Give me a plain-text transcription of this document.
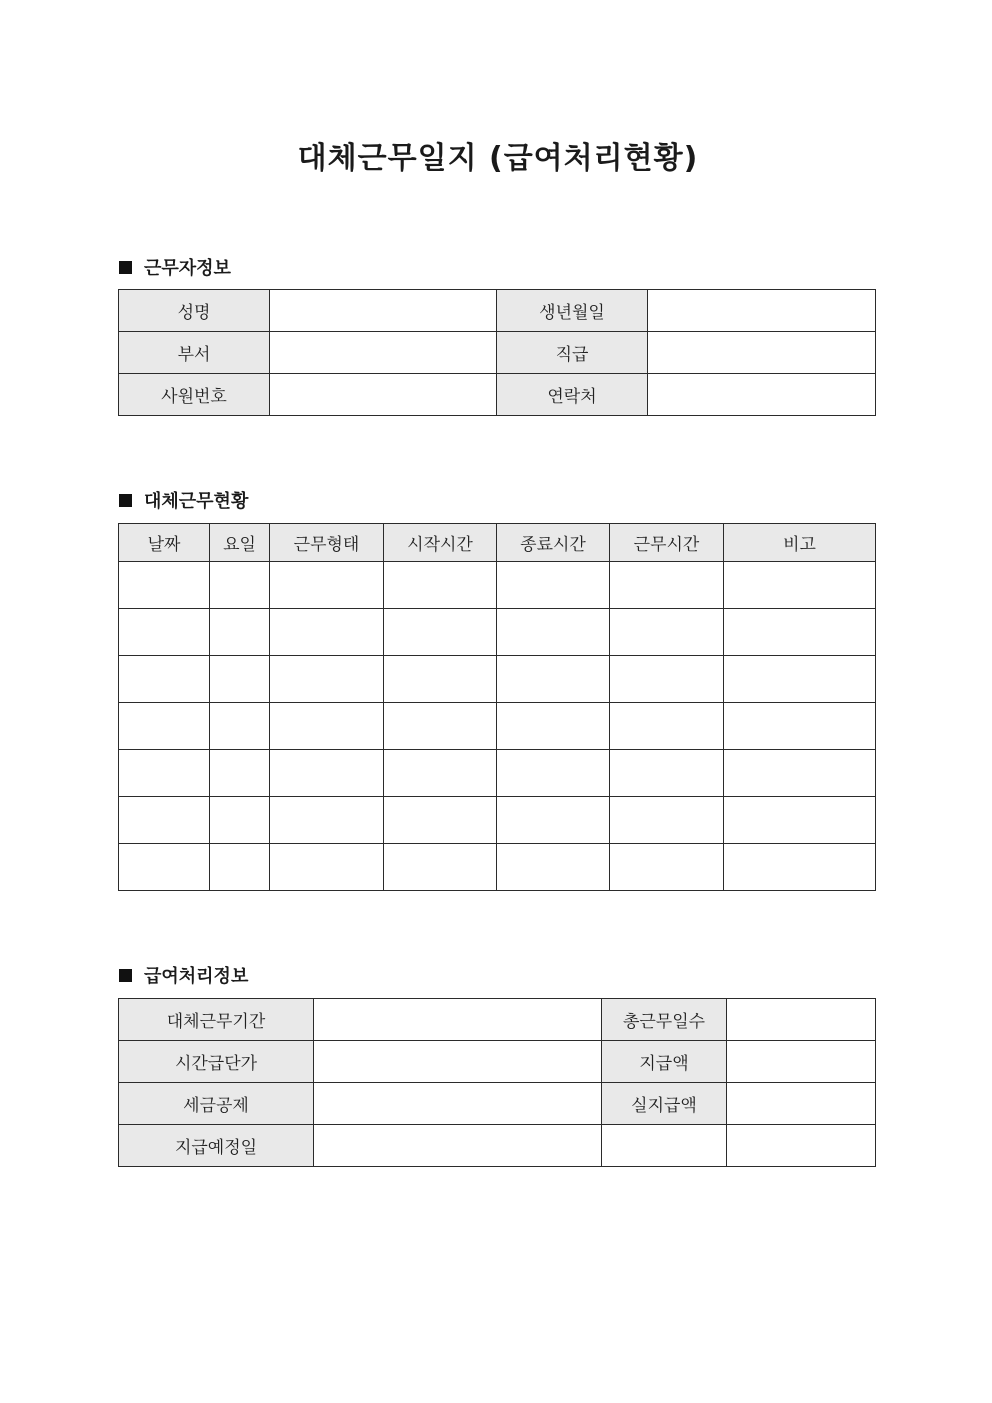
대체근무일지 (급여처리현황)
근무자정보
성명		생년월일	
부서		직급	
사원번호		연락처	
대체근무현황
날짜	요일	근무형태	시작시간	종료시간	근무시간	비고

급여처리정보
대체근무기간		총근무일수	
시간급단가		지급액	
세금공제		실지급액	
지급예정일			
